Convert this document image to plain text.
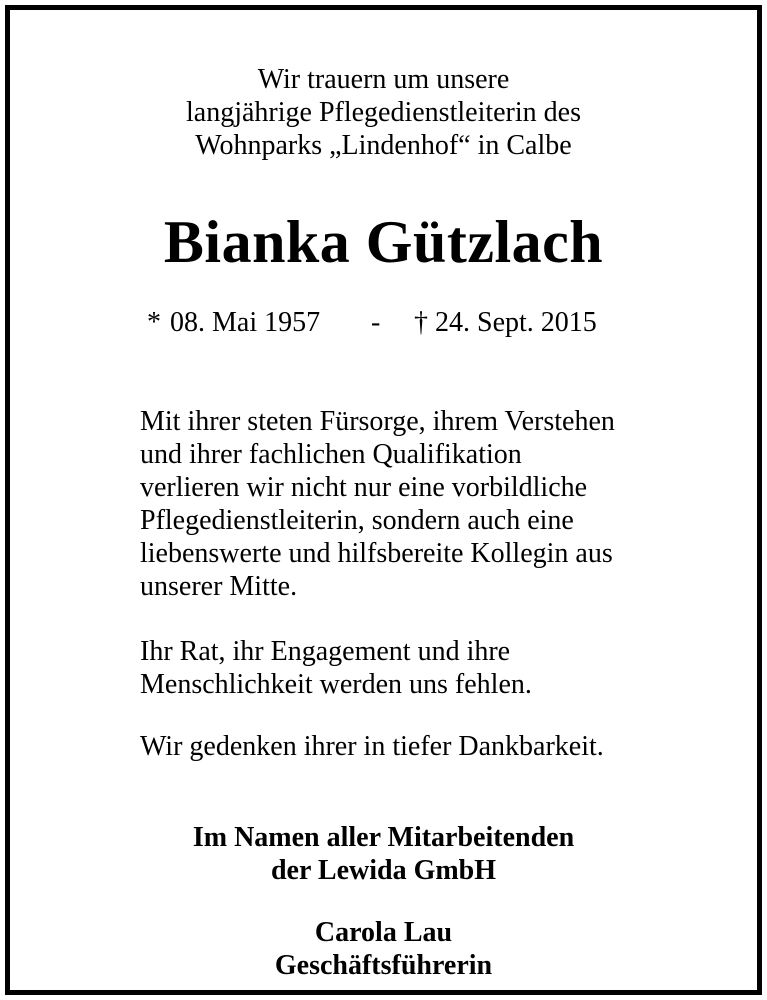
Wir trauern um unsere
langjährige Pflegedienstleiterin des
Wohnparks „Lindenhof“ in Calbe
Bianka Gützlach
* 08. Mai 1957 - † 24. Sept. 2015
Mit ihrer steten Fürsorge, ihrem Verstehen
und ihrer fachlichen Qualifikation
verlieren wir nicht nur eine vorbildliche
Pflegedienstleiterin, sondern auch eine
liebenswerte und hilfsbereite Kollegin aus
unserer Mitte.
Ihr Rat, ihr Engagement und ihre
Menschlichkeit werden uns fehlen.
Wir gedenken ihrer in tiefer Dankbarkeit.
Im Namen aller Mitarbeitenden
der Lewida GmbH
Carola Lau
Geschäftsführerin
